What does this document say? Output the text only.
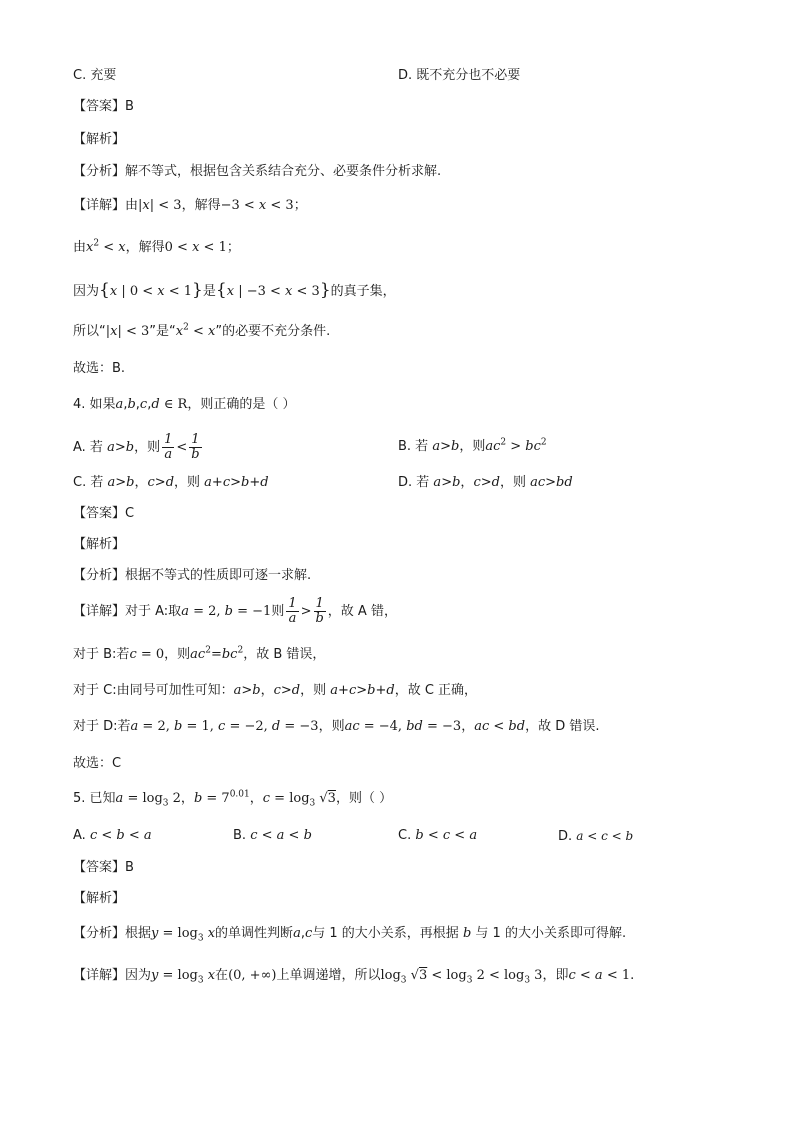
C. 充要	D. 既不充分也不必要
【答案】B
【解析】
【分析】解不等式，根据包含关系结合充分、必要条件分析求解.
【详解】由|x| < 3，解得−3 < x < 3；
由$x^2 < x$，解得0 < x < 1；
因为{x | 0 < x < 1}是{x | −3 < x < 3}的真子集，
所以“|x| < 3”是“$x^2 < x$”的必要不充分条件.
故选：B.
4. 如果a,b,c,d ∈ R，则正确的是（ ）
A. 若 a>b，则 $\frac{1}{a} < \frac{1}{b}$	B. 若 a>b，则$ac^2 > bc^2$
C. 若 a>b，c>d，则 a+c>b+d	D. 若 a>b，c>d，则 ac>bd
【答案】C
【解析】
【分析】根据不等式的性质即可逐一求解.
【详解】对于 A:取a = 2, b = −1则 $\frac{1}{a} > \frac{1}{b}$ ，故 A 错，
对于 B:若c = 0，则$ac^2=bc^2$，故 B 错误，
对于 C:由同号可加性可知：a>b，c>d，则 a+c>b+d，故 C 正确，
对于 D:若a = 2, b = 1, c = −2, d = −3，则ac = −4, bd = −3，ac < bd，故 D 错误.
故选：C
5. 已知$a = \log_3 2$，$b = 7^{0.01}$，$c = \log_3 √3$，则（ ）
A. c < b < a	B. c < a < b	C. b < c < a	D. a < c < b
【答案】B
【解析】
【分析】根据$y = \log_3 x$的单调性判断a,c与 1 的大小关系，再根据 b 与 1 的大小关系即可得解.
【详解】因为$y = \log_3 x$在(0, +∞)上单调递增，所以$\log_3 √3 < \log_3 2 < \log_3 3$，即c < a < 1.
